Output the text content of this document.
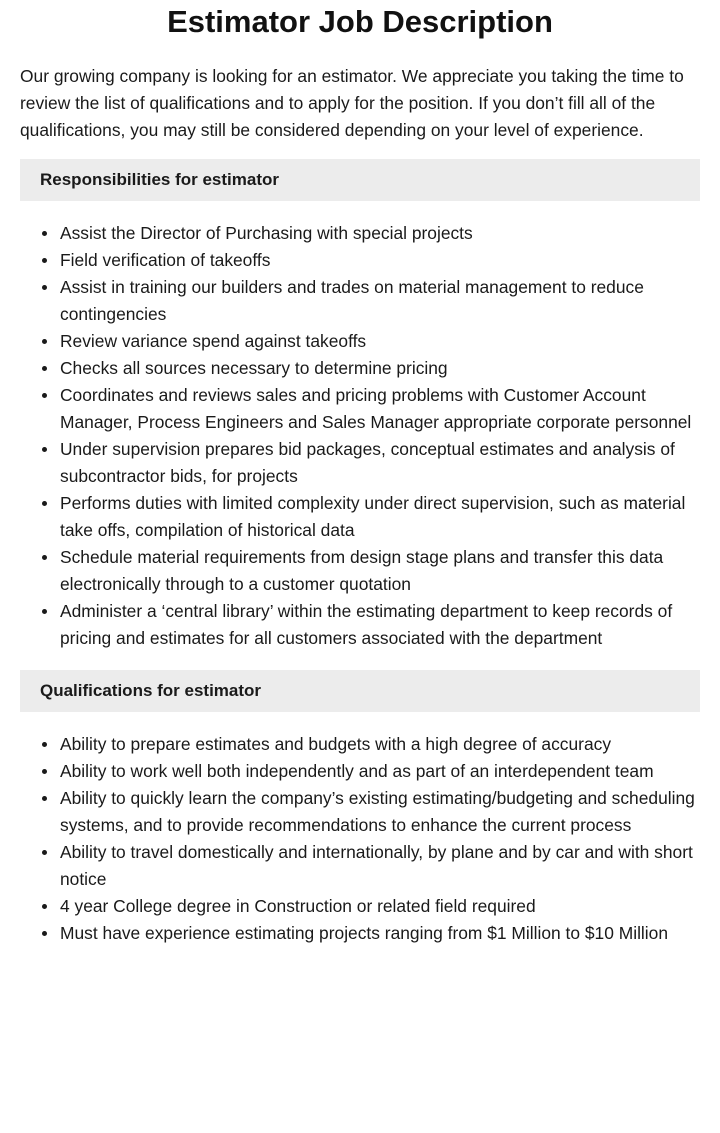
Estimator Job Description

Our growing company is looking for an estimator. We appreciate you taking the time to review the list of qualifications and to apply for the position. If you don’t fill all of the qualifications, you may still be considered depending on your level of experience.

Responsibilities for estimator
Assist the Director of Purchasing with special projects
Field verification of takeoffs
Assist in training our builders and trades on material management to reduce contingencies
Review variance spend against takeoffs
Checks all sources necessary to determine pricing
Coordinates and reviews sales and pricing problems with Customer Account Manager, Process Engineers and Sales Manager appropriate corporate personnel
Under supervision prepares bid packages, conceptual estimates and analysis of subcontractor bids, for projects
Performs duties with limited complexity under direct supervision, such as material take offs, compilation of historical data
Schedule material requirements from design stage plans and transfer this data electronically through to a customer quotation
Administer a ‘central library’ within the estimating department to keep records of pricing and estimates for all customers associated with the department
Qualifications for estimator
Ability to prepare estimates and budgets with a high degree of accuracy
Ability to work well both independently and as part of an interdependent team
Ability to quickly learn the company’s existing estimating/budgeting and scheduling systems, and to provide recommendations to enhance the current process
Ability to travel domestically and internationally, by plane and by car and with short notice
4 year College degree in Construction or related field required
Must have experience estimating projects ranging from $1 Million to $10 Million
